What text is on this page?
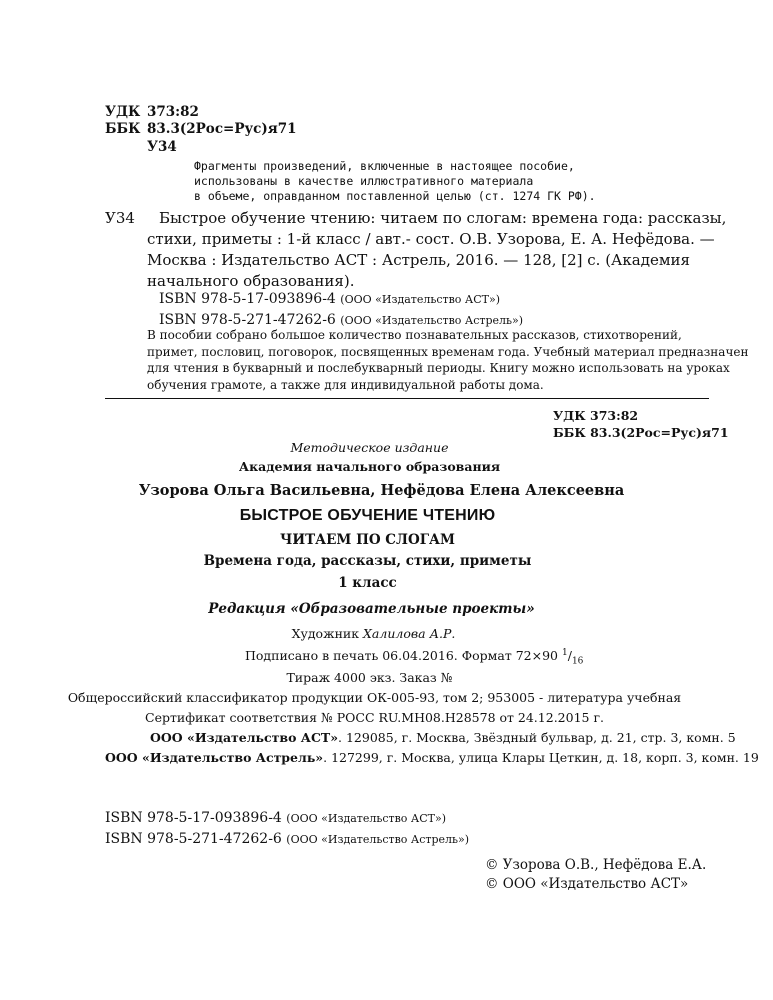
УДК 373:82
ББК 83.3(2Рос=Рус)я71
У34
Фрагменты произведений, включенные в настоящее пособие,
использованы в качестве иллюстративного материала
в объеме, оправданном поставленной целью (ст. 1274 ГК РФ).
У34 Быстрое обучение чтению: читаем по слогам: времена года: рассказы,
стихи, приметы : 1-й класс / авт.- сост. О.В. Узорова, Е. А. Нефёдова. —
Москва : Издательство АСТ : Астрель, 2016. — 128, [2] с. (Академия
начального образования).
ISBN 978-5-17-093896-4 (ООО «Издательство АСТ»)
ISBN 978-5-271-47262-6 (ООО «Издательство Астрель»)
В пособии собрано большое количество познавательных рассказов, стихотворений,
примет, пословиц, поговорок, посвященных временам года. Учебный материал предназначен
для чтения в букварный и послебукварный периоды. Книгу можно использовать на уроках
обучения грамоте, а также для индивидуальной работы дома.
УДК 373:82
ББК 83.3(2Рос=Рус)я71
Методическое издание
Академия начального образования
Узорова Ольга Васильевна, Нефёдова Елена Алексеевна
БЫСТРОЕ ОБУЧЕНИЕ ЧТЕНИЮ
ЧИТАЕМ ПО СЛОГАМ
Времена года, рассказы, стихи, приметы
1 класс
Редакция «Образовательные проекты»
Художник Халилова А.Р.
Подписано в печать 06.04.2016. Формат 72×90 $^1/_{16}$
Тираж 4000 экз. Заказ №
Общероссийский классификатор продукции ОК-005-93, том 2; 953005 - литература учебная
Сертификат соответствия № РОСС RU.МН08.Н28578 от 24.12.2015 г.
ООО «Издательство АСТ». 129085, г. Москва, Звёздный бульвар, д. 21, стр. 3, комн. 5
ООО «Издательство Астрель». 127299, г. Москва, улица Клары Цеткин, д. 18, корп. 3, комн. 19
ISBN 978-5-17-093896-4 (ООО «Издательство АСТ»)
ISBN 978-5-271-47262-6 (ООО «Издательство Астрель»)
© Узорова О.В., Нефёдова Е.А.
© ООО «Издательство АСТ»
